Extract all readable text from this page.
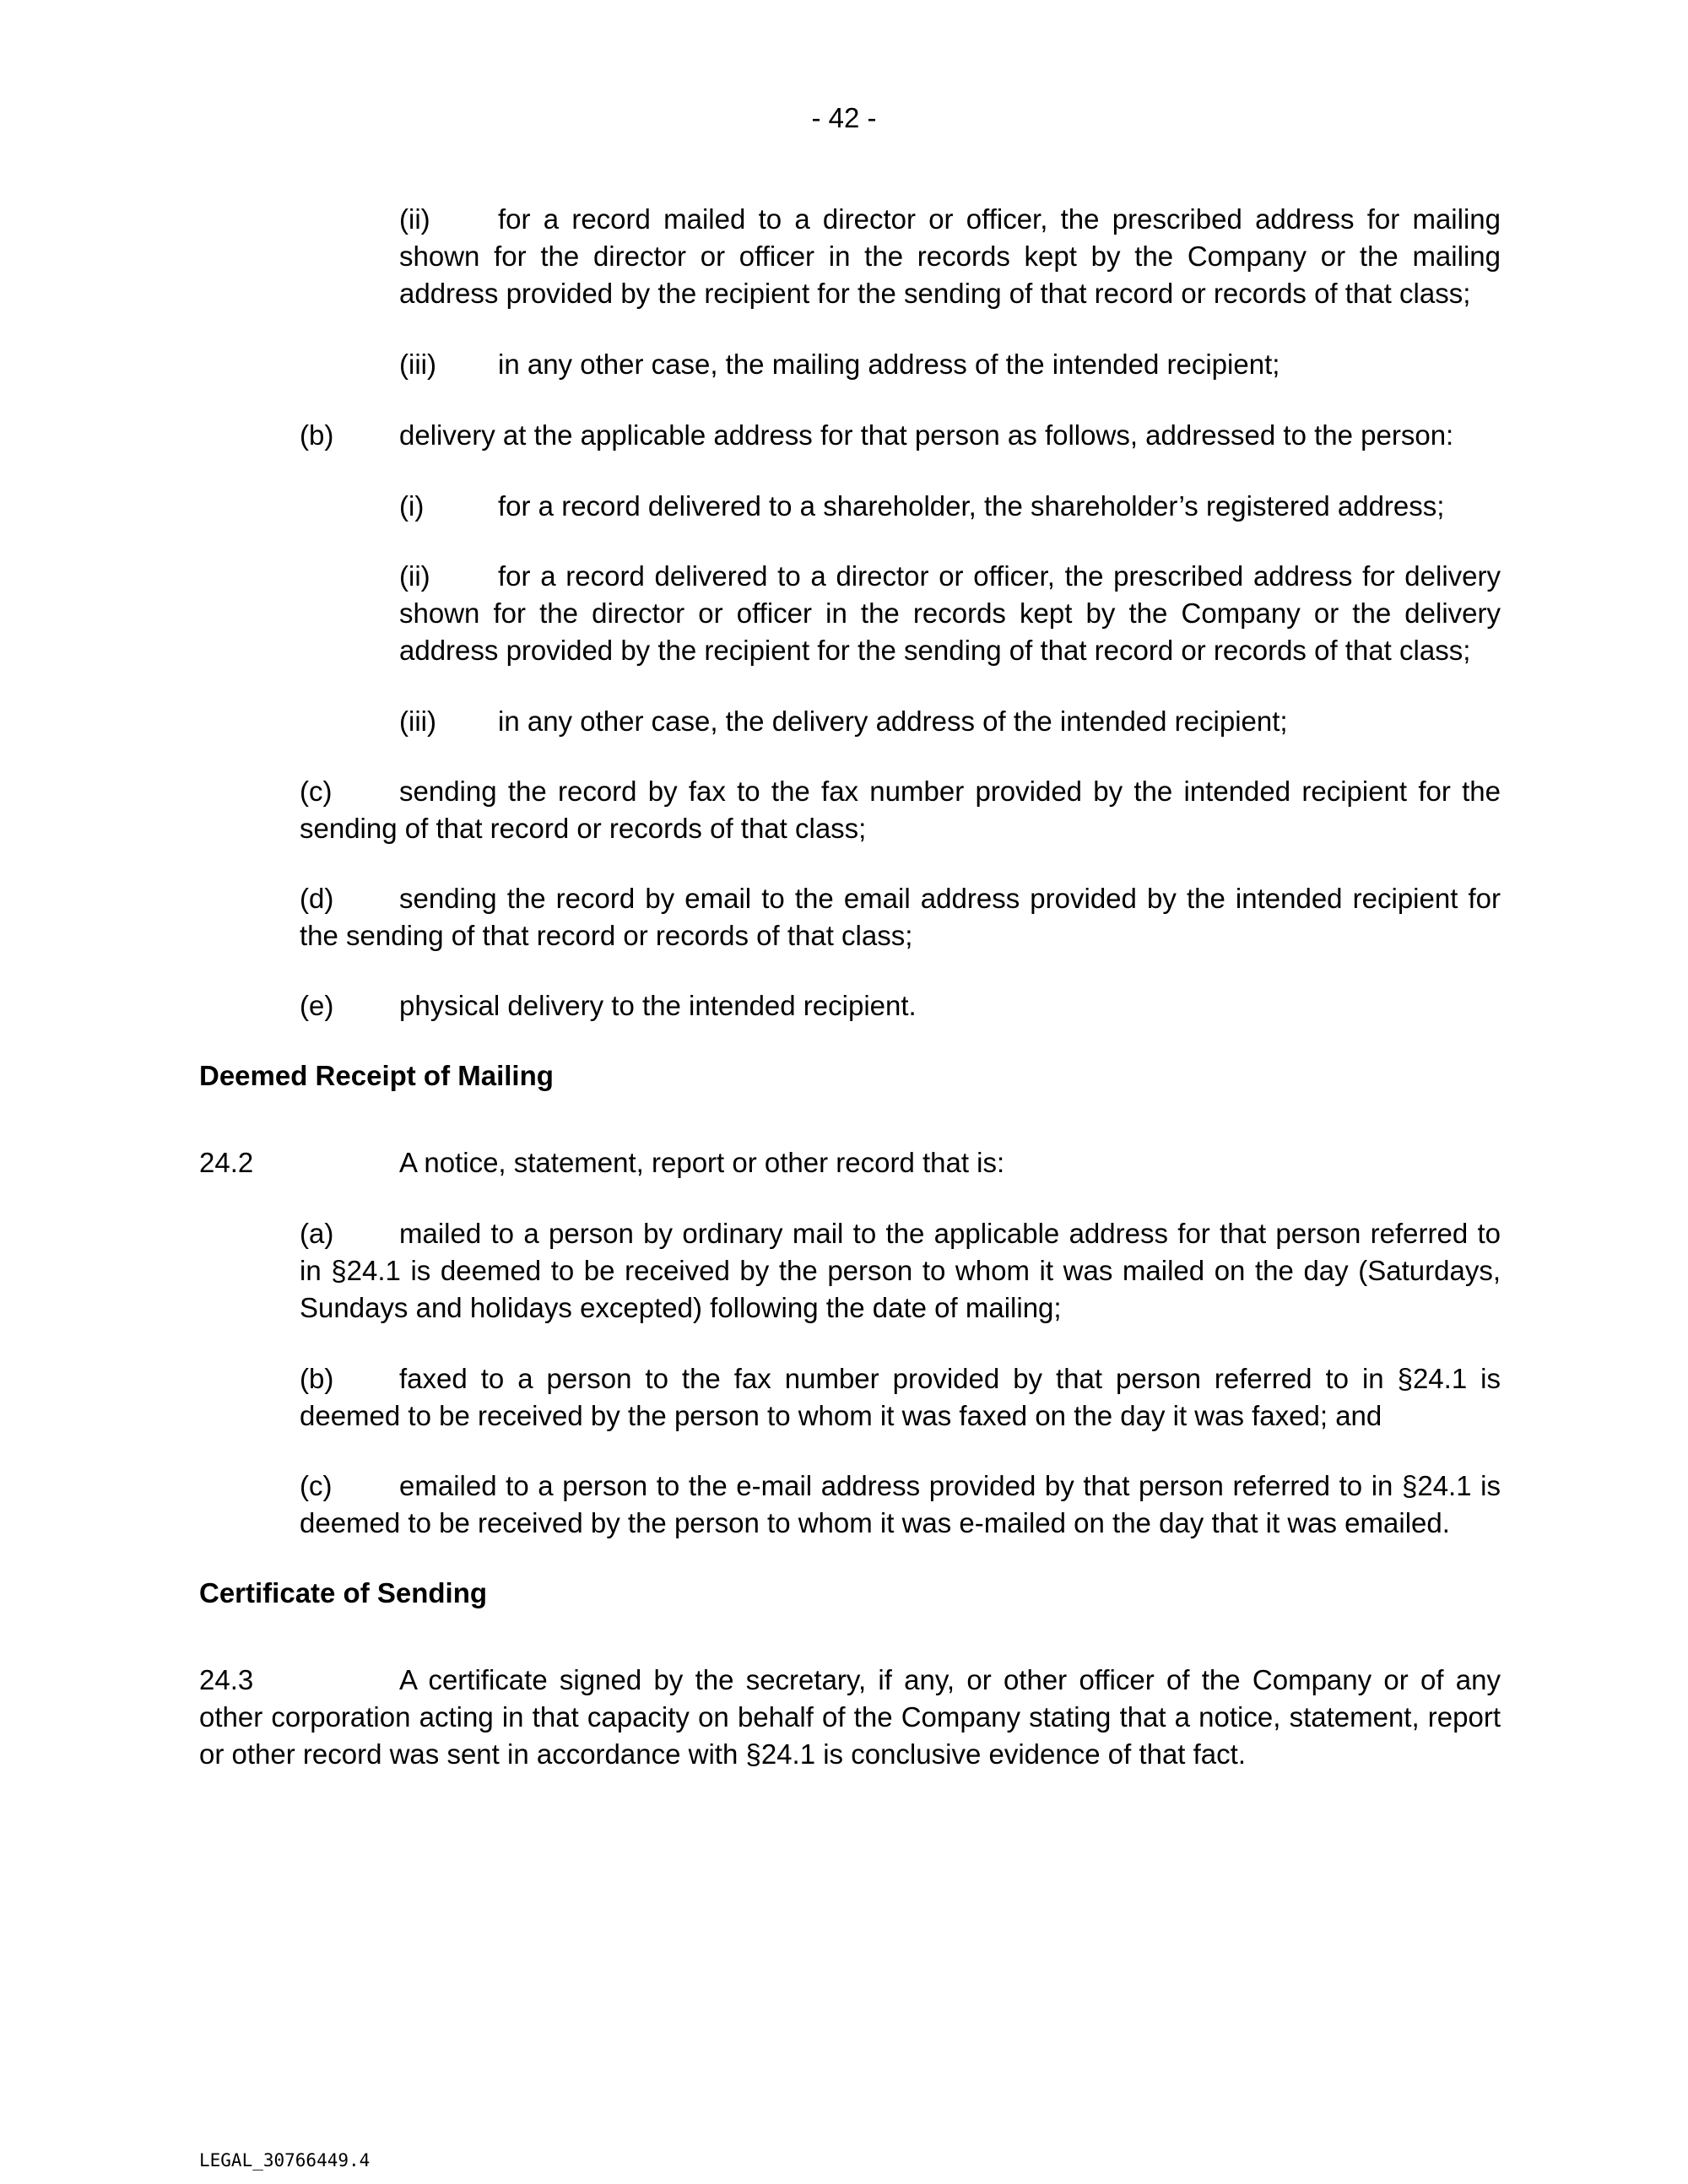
- 42 -
(ii) for a record mailed to a director or officer, the prescribed address for mailing
shown for the director or officer in the records kept by the Company or the mailing
address provided by the recipient for the sending of that record or records of that class;
(iii) in any other case, the mailing address of the intended recipient;
(b) delivery at the applicable address for that person as follows, addressed to the person:
(i)	for a record delivered to a shareholder, the shareholder’s registered address;
(ii) for a record delivered to a director or officer, the prescribed address for delivery
shown for the director or officer in the records kept by the Company or the delivery
address provided by the recipient for the sending of that record or records of that class;
(iii) in any other case, the delivery address of the intended recipient;
(c) sending the record by fax to the fax number provided by the intended recipient for the
sending of that record or records of that class;
(d) sending the record by email to the email address provided by the intended recipient for
the sending of that record or records of that class;
(e) physical delivery to the intended recipient.
Deemed Receipt of Mailing
24.2	A notice, statement, report or other record that is:
(a) mailed to a person by ordinary mail to the applicable address for that person referred to
in §24.1 is deemed to be received by the person to whom it was mailed on the day (Saturdays,
Sundays and holidays excepted) following the date of mailing;
(b) faxed to a person to the fax number provided by that person referred to in §24.1 is
deemed to be received by the person to whom it was faxed on the day it was faxed; and
(c) emailed to a person to the e-mail address provided by that person referred to in §24.1 is
deemed to be received by the person to whom it was e-mailed on the day that it was emailed.
Certificate of Sending
24.3	A certificate signed by the secretary, if any, or other officer of the Company or of any
other corporation acting in that capacity on behalf of the Company stating that a notice, statement, report
or other record was sent in accordance with §24.1 is conclusive evidence of that fact.
LEGAL_30766449.4
